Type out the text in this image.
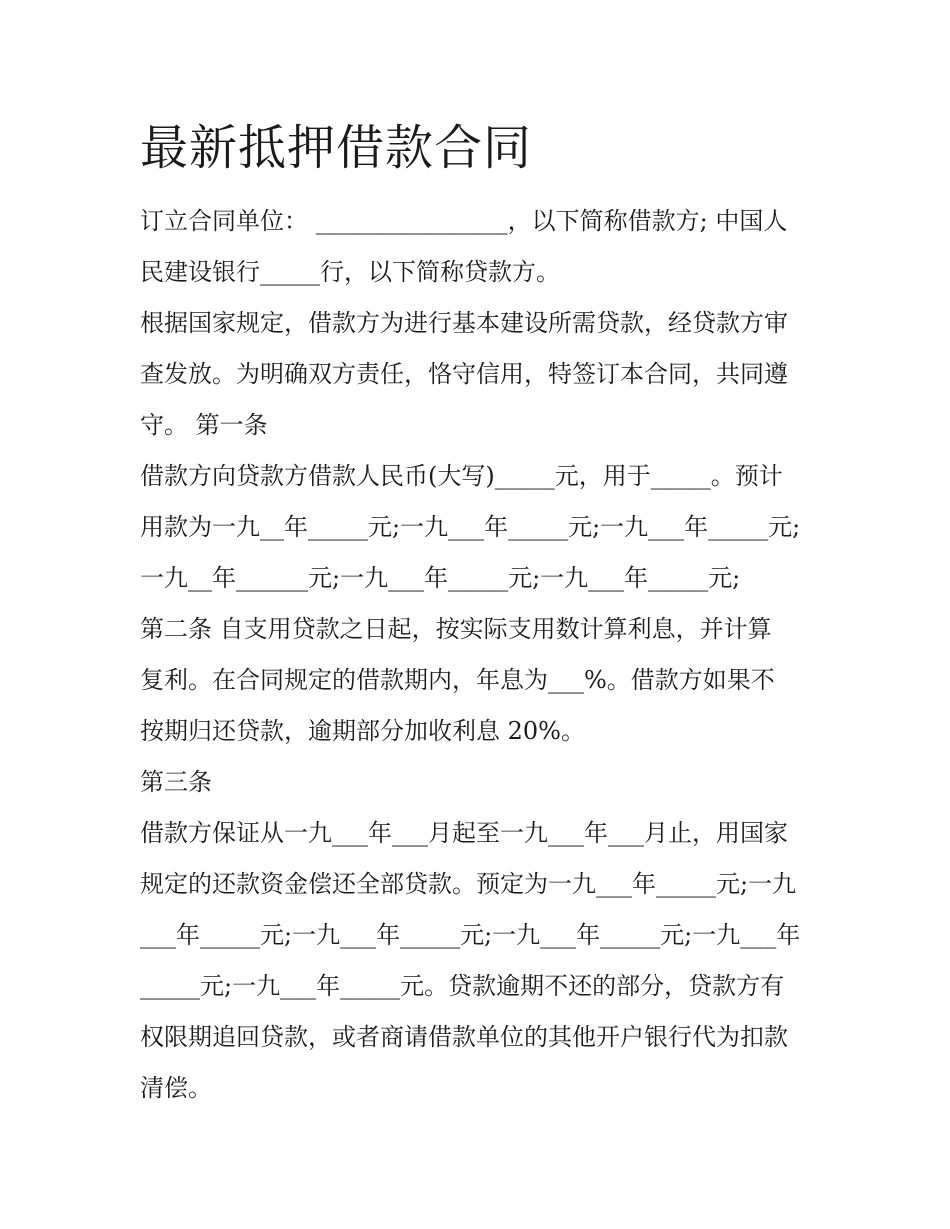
最新抵押借款合同

订立合同单位： ________________，以下简称借款方; 中国人

民建设银行_____行，以下简称贷款方。

根据国家规定，借款方为进行基本建设所需贷款，经贷款方审

查发放。为明确双方责任，恪守信用，特签订本合同，共同遵

守。 第一条

借款方向贷款方借款人民币(大写)_____元，用于_____。预计

用款为一九__年_____元;一九___年_____元;一九___年_____元;

一九__年______元;一九___年_____元;一九___年_____元;

第二条 自支用贷款之日起，按实际支用数计算利息，并计算

复利。在合同规定的借款期内，年息为___%。借款方如果不

按期归还贷款，逾期部分加收利息 20%。

第三条

借款方保证从一九___年___月起至一九___年___月止，用国家

规定的还款资金偿还全部贷款。预定为一九___年_____元;一九

___年_____元;一九___年_____元;一九___年_____元;一九___年

_____元;一九___年_____元。贷款逾期不还的部分，贷款方有

权限期追回贷款，或者商请借款单位的其他开户银行代为扣款

清偿。
